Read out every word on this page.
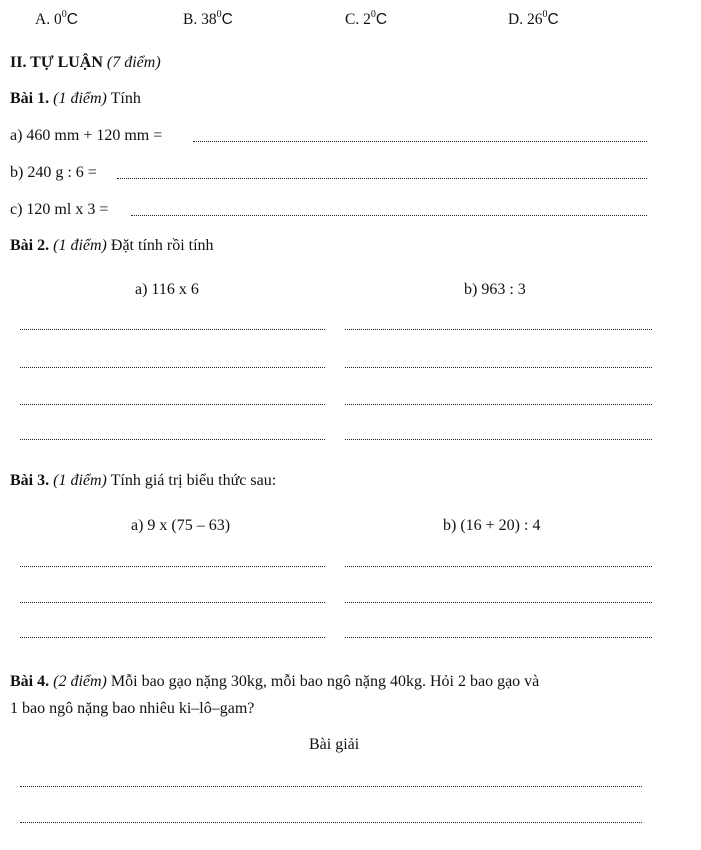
A. $0^0C$	B. $38^0C$	C. $2^0C$	D. $26^0C$
II. TỰ LUẬN (7 điểm)
Bài 1. (1 điểm) Tính
a) 460 mm + 120 mm =
b) 240 g : 6 =
c) 120 ml x 3 =
Bài 2. (1 điểm) Đặt tính rồi tính
a) 116 x 6	b) 963 : 3
Bài 3. (1 điểm) Tính giá trị biểu thức sau:
a) 9 x (75 – 63)	b) (16 + 20) : 4
Bài 4. (2 điểm) Mỗi bao gạo nặng 30kg, mỗi bao ngô nặng 40kg. Hỏi 2 bao gạo và
1 bao ngô nặng bao nhiêu ki–lô–gam?
Bài giải
